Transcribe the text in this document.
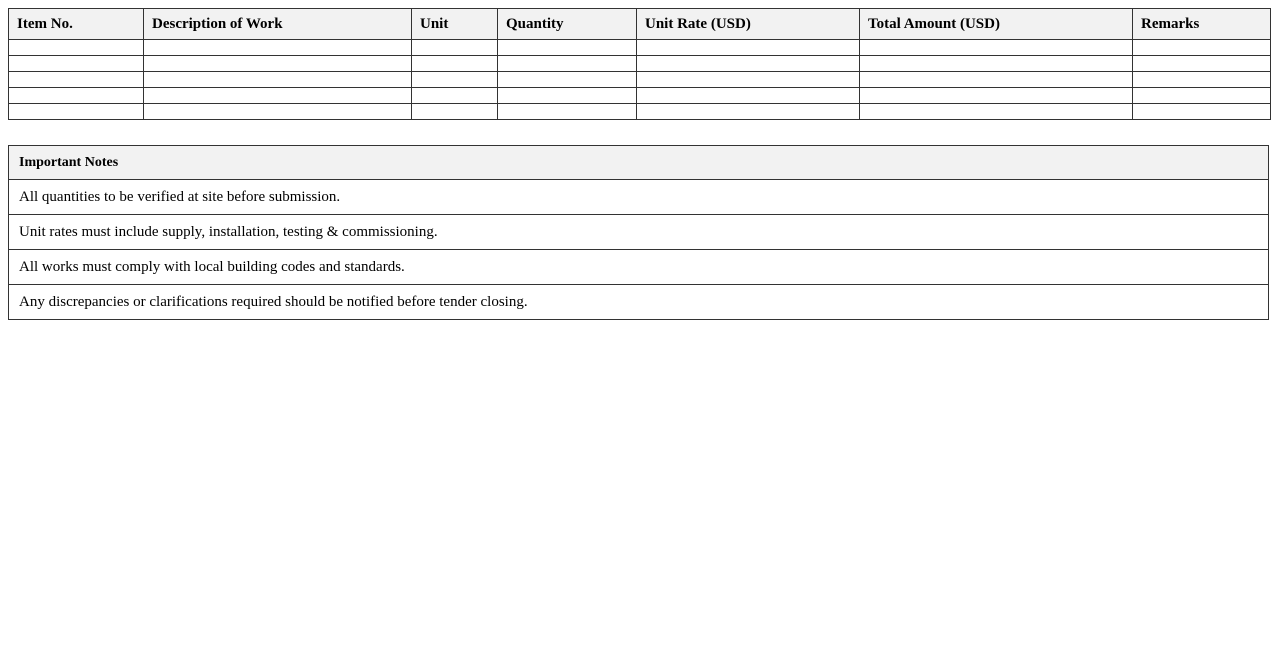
Item No.	Description of Work	Unit	Quantity	Unit Rate (USD)	Total Amount (USD)	Remarks

Important Notes
All quantities to be verified at site before submission.
Unit rates must include supply, installation, testing & commissioning.
All works must comply with local building codes and standards.
Any discrepancies or clarifications required should be notified before tender closing.
